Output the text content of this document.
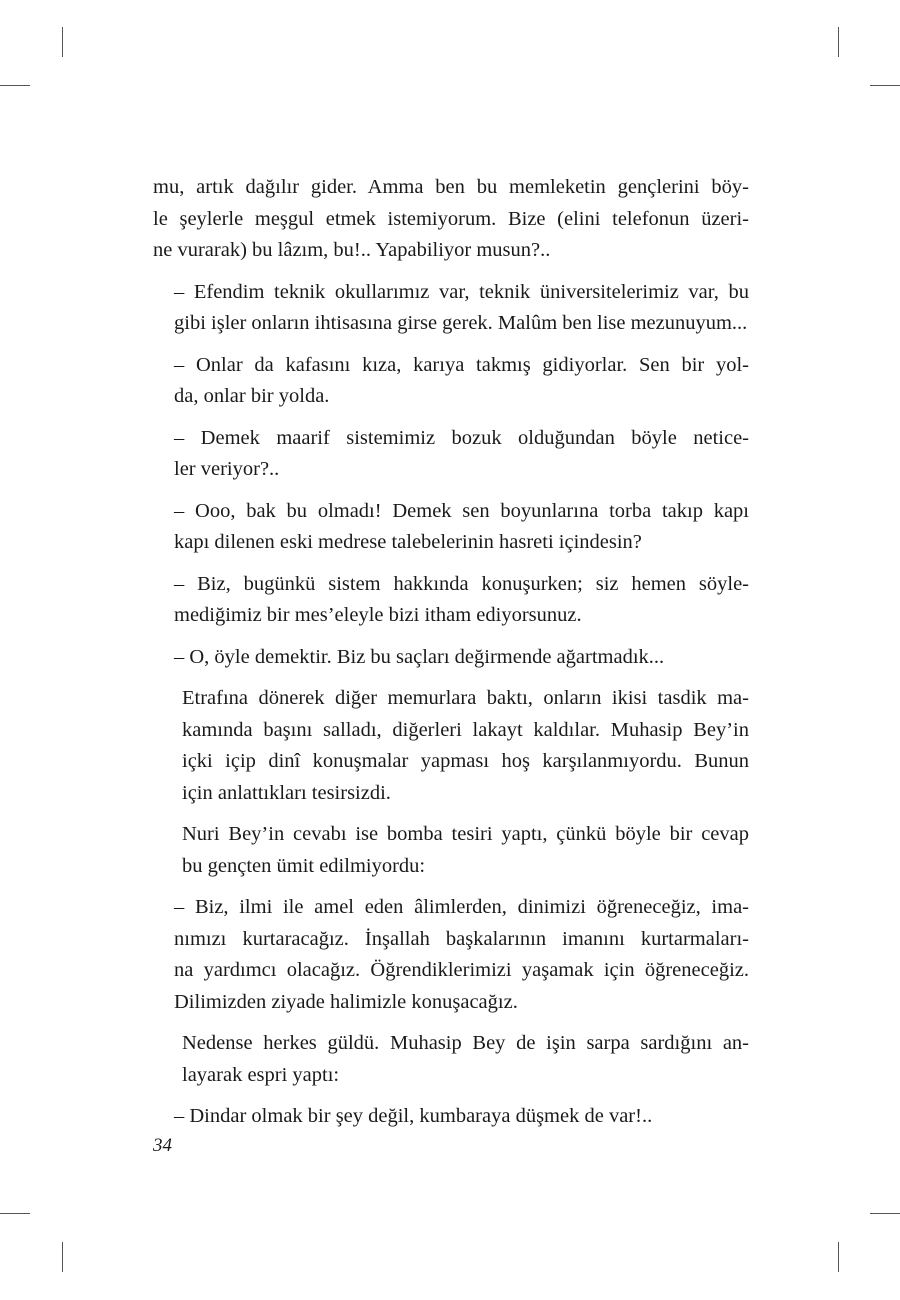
mu, artık dağılır gider. Amma ben bu memleketin gençlerini böy-
le şeylerle meşgul etmek istemiyorum. Bize (elini telefonun üzeri-
ne vurarak) bu lâzım, bu!.. Yapabiliyor musun?..

– Efendim teknik okullarımız var, teknik üniversitelerimiz var, bu
gibi işler onların ihtisasına girse gerek. Malûm ben lise mezunuyum...

– Onlar da kafasını kıza, karıya takmış gidiyorlar. Sen bir yol-
da, onlar bir yolda.

– Demek maarif sistemimiz bozuk olduğundan böyle netice-
ler veriyor?..

– Ooo, bak bu olmadı! Demek sen boyunlarına torba takıp kapı
kapı dilenen eski medrese talebelerinin hasreti içindesin?

– Biz, bugünkü sistem hakkında konuşurken; siz hemen söyle-
mediğimiz bir mes’eleyle bizi itham ediyorsunuz.

– O, öyle demektir. Biz bu saçları değirmende ağartmadık...

Etrafına dönerek diğer memurlara baktı, onların ikisi tasdik ma-
kamında başını salladı, diğerleri lakayt kaldılar. Muhasip Bey’in
içki içip dinî konuşmalar yapması hoş karşılanmıyordu. Bunun
için anlattıkları tesirsizdi.

Nuri Bey’in cevabı ise bomba tesiri yaptı, çünkü böyle bir cevap
bu gençten ümit edilmiyordu:

– Biz, ilmi ile amel eden âlimlerden, dinimizi öğreneceğiz, ima-
nımızı kurtaracağız. İnşallah başkalarının imanını kurtarmaları-
na yardımcı olacağız. Öğrendiklerimizi yaşamak için öğreneceğiz.
Dilimizden ziyade halimizle konuşacağız.

Nedense herkes güldü. Muhasip Bey de işin sarpa sardığını an-
layarak espri yaptı:

– Dindar olmak bir şey değil, kumbaraya düşmek de var!..

34
